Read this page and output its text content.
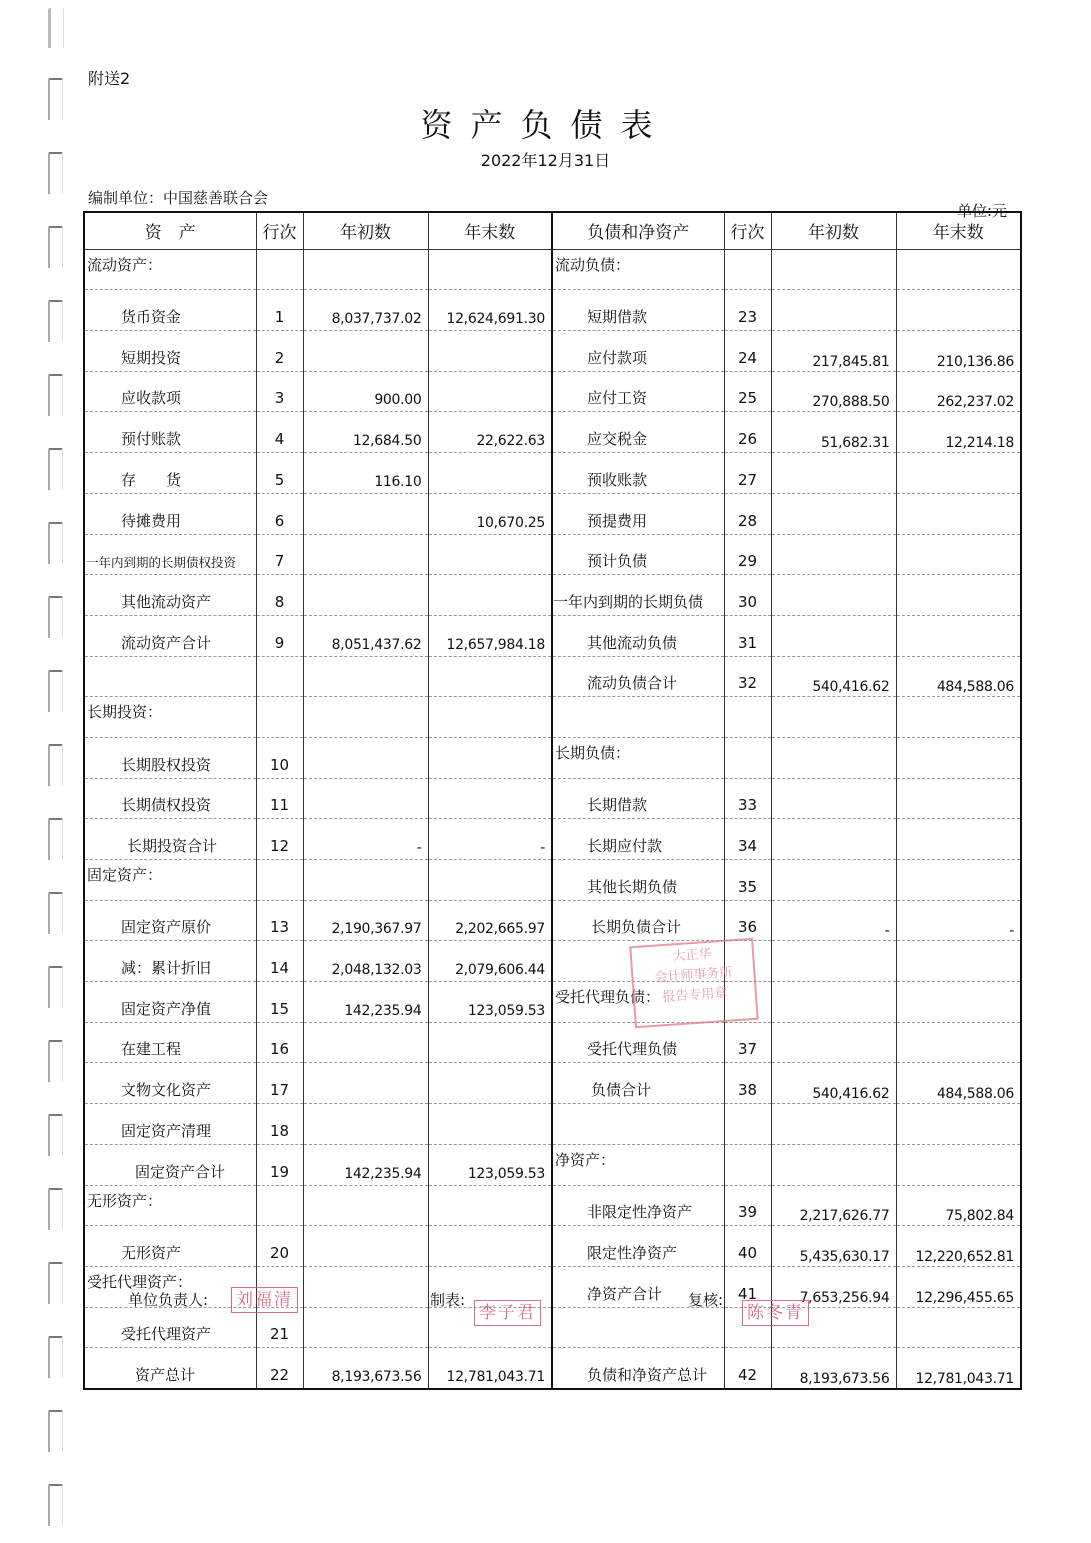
附送2
资产负债表
2022年12月31日
编制单位：中国慈善联合会
单位:元
资　产	行次	年初数	年末数	负债和净资产	行次	年初数	年末数
流动资产：				流动负债：			
货币资金	1	8,037,737.02	12,624,691.30	短期借款	23		
短期投资	2			应付款项	24	217,845.81	210,136.86
应收款项	3	900.00		应付工资	25	270,888.50	262,237.02
预付账款	4	12,684.50	22,622.63	应交税金	26	51,682.31	12,214.18
存　　货	5	116.10		预收账款	27		
待摊费用	6		10,670.25	预提费用	28		
一年内到期的长期债权投资	7			预计负债	29		
其他流动资产	8			一年内到期的长期负债	30		
流动资产合计	9	8,051,437.62	12,657,984.18	其他流动负债	31		
				流动负债合计	32	540,416.62	484,588.06
长期投资：							
长期股权投资	10			长期负债：			
长期债权投资	11			长期借款	33		
长期投资合计	12	-	-	长期应付款	34		
固定资产：				其他长期负债	35		
固定资产原价	13	2,190,367.97	2,202,665.97	长期负债合计	36	-	-
减：累计折旧	14	2,048,132.03	2,079,606.44				
固定资产净值	15	142,235.94	123,059.53	受托代理负债：			
在建工程	16			受托代理负债	37		
文物文化资产	17			负债合计	38	540,416.62	484,588.06
固定资产清理	18						
固定资产合计	19	142,235.94	123,059.53	净资产：			
无形资产：				非限定性净资产	39	2,217,626.77	75,802.84
无形资产	20			限定性净资产	40	5,435,630.17	12,220,652.81
受托代理资产：				净资产合计	41	7,653,256.94	12,296,455.65
受托代理资产	21						
资产总计	22	8,193,673.56	12,781,043.71	负债和净资产总计	42	8,193,673.56	12,781,043.71
大正华
会计师事务所
报告专用章
单位负责人: 刘福清	制表:
李子君
复核:
陈冬青
